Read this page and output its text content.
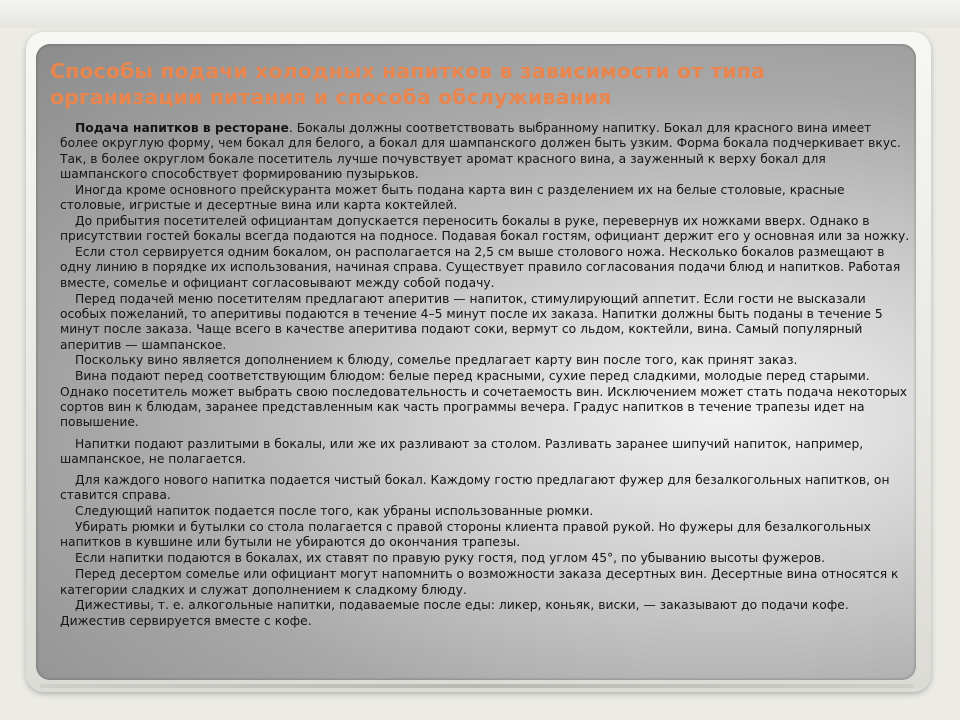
Способы подачи холодных напитков в зависимости от типа организации питания и способа обслуживания

Подача напитков в ресторане. Бокалы должны соответствовать выбранному напитку. Бокал для красного вина имеет более округлую форму, чем бокал для белого, а бокал для шампанского должен быть узким. Форма бокала подчеркивает вкус. Так, в более округлом бокале посетитель лучше почувствует аромат красного вина, а зауженный к верху бокал для шампанского способствует формированию пузырьков.

Иногда кроме основного прейскуранта может быть подана карта вин с разделением их на белые столовые, красные столовые, игристые и десертные вина или карта коктейлей.

До прибытия посетителей официантам допускается переносить бокалы в руке, перевернув их ножками вверх. Однако в присутствии гостей бокалы всегда подаются на подносе. Подавая бокал гостям, официант держит его у основная или за ножку.

Если стол сервируется одним бокалом, он располагается на 2,5 см выше столового ножа. Несколько бокалов размещают в одну линию в порядке их использования, начиная справа. Существует правило согласования подачи блюд и напитков. Работая вместе, сомелье и официант согласовывают между собой подачу.

Перед подачей меню посетителям предлагают аперитив — напиток, стимулирующий аппетит. Если гости не высказали особых пожеланий, то аперитивы подаются в течение 4–5 минут после их заказа. Напитки должны быть поданы в течение 5 минут после заказа. Чаще всего в качестве аперитива подают соки, вермут со льдом, коктейли, вина. Самый популярный аперитив — шампанское.

Поскольку вино является дополнением к блюду, сомелье предлагает карту вин после того, как принят заказ.

Вина подают перед соответствующим блюдом: белые перед красными, сухие перед сладкими, молодые перед старыми. Однако посетитель может выбрать свою последовательность и сочетаемость вин. Исключением может стать подача некоторых сортов вин к блюдам, заранее представленным как часть программы вечера. Градус напитков в течение трапезы идет на повышение.

Напитки подают разлитыми в бокалы, или же их разливают за столом. Разливать заранее шипучий напиток, например, шампанское, не полагается.

Для каждого нового напитка подается чистый бокал. Каждому гостю предлагают фужер для безалкогольных напитков, он ставится справа.

Следующий напиток подается после того, как убраны использованные рюмки.

Убирать рюмки и бутылки со стола полагается с правой стороны клиента правой рукой. Но фужеры для безалкогольных напитков в кувшине или бутыли не убираются до окончания трапезы.

Если напитки подаются в бокалах, их ставят по правую руку гостя, под углом 45°, по убыванию высоты фужеров.

Перед десертом сомелье или официант могут напомнить о возможности заказа десертных вин. Десертные вина относятся к категории сладких и служат дополнением к сладкому блюду.

Дижестивы, т. е. алкогольные напитки, подаваемые после еды: ликер, коньяк, виски, — заказывают до подачи кофе. Дижестив сервируется вместе с кофе.
